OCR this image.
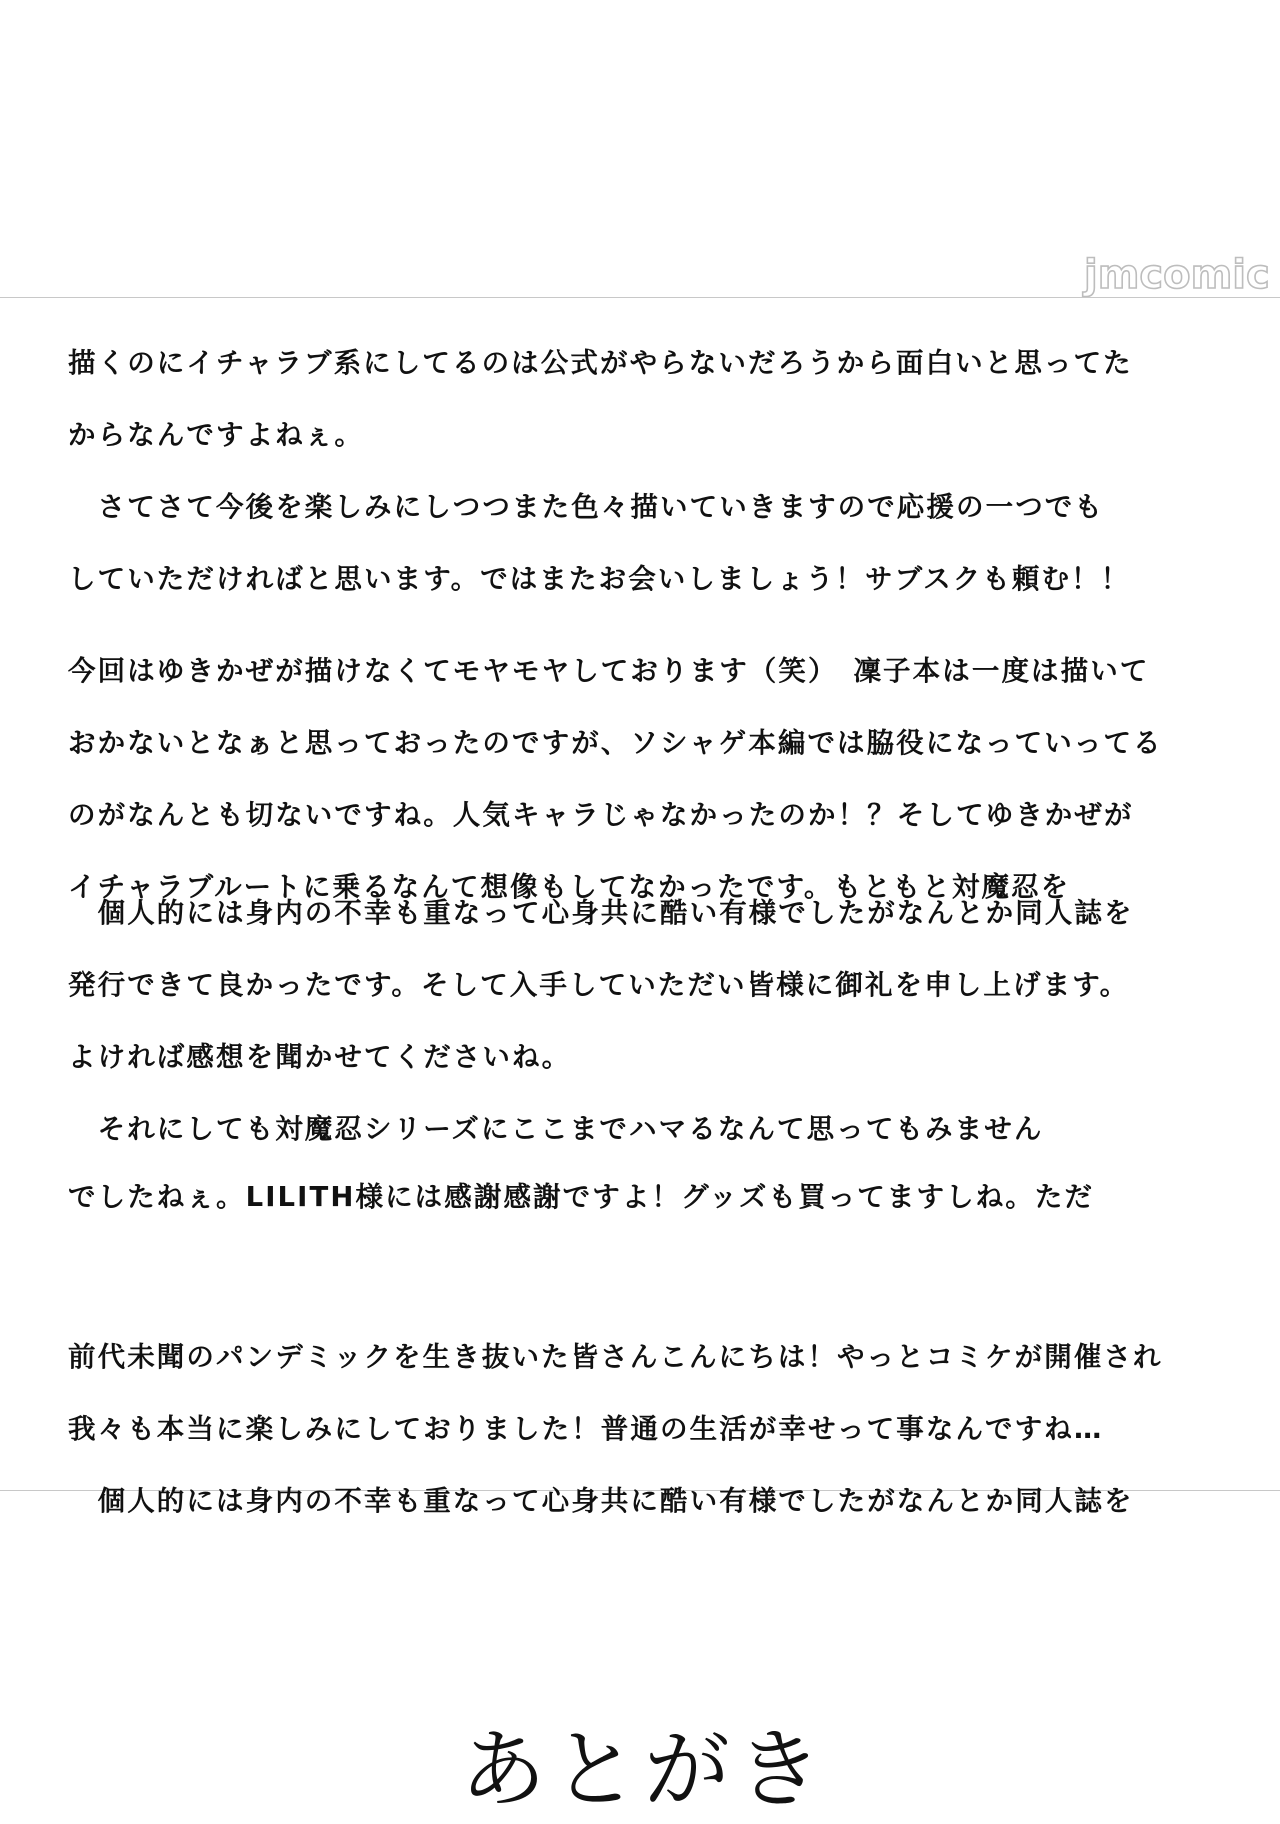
jmcomic
描くのにイチャラブ系にしてるのは公式がやらないだろうから面白いと思ってた
からなんですよねぇ。
　さてさて今後を楽しみにしつつまた色々描いていきますので応援の一つでも
していただければと思います。ではまたお会いしましょう！サブスクも頼む！！
今回はゆきかぜが描けなくてモヤモヤしております（笑）　凜子本は一度は描いて
おかないとなぁと思っておったのですが、ソシャゲ本編では脇役になっていってる
のがなんとも切ないですね。人気キャラじゃなかったのか！？そしてゆきかぜが
イチャラブルートに乗るなんて想像もしてなかったです。もともと対魔忍を
　個人的には身内の不幸も重なって心身共に酷い有様でしたがなんとか同人誌を
発行できて良かったです。そして入手していただい皆様に御礼を申し上げます。
よければ感想を聞かせてくださいね。
　それにしても対魔忍シリーズにここまでハマるなんて思ってもみません
でしたねぇ。LILITH様には感謝感謝ですよ！グッズも買ってますしね。ただ
前代未聞のパンデミックを生き抜いた皆さんこんにちは！やっとコミケが開催され
我々も本当に楽しみにしておりました！普通の生活が幸せって事なんですね…
　個人的には身内の不幸も重なって心身共に酷い有様でしたがなんとか同人誌を
あとがき
